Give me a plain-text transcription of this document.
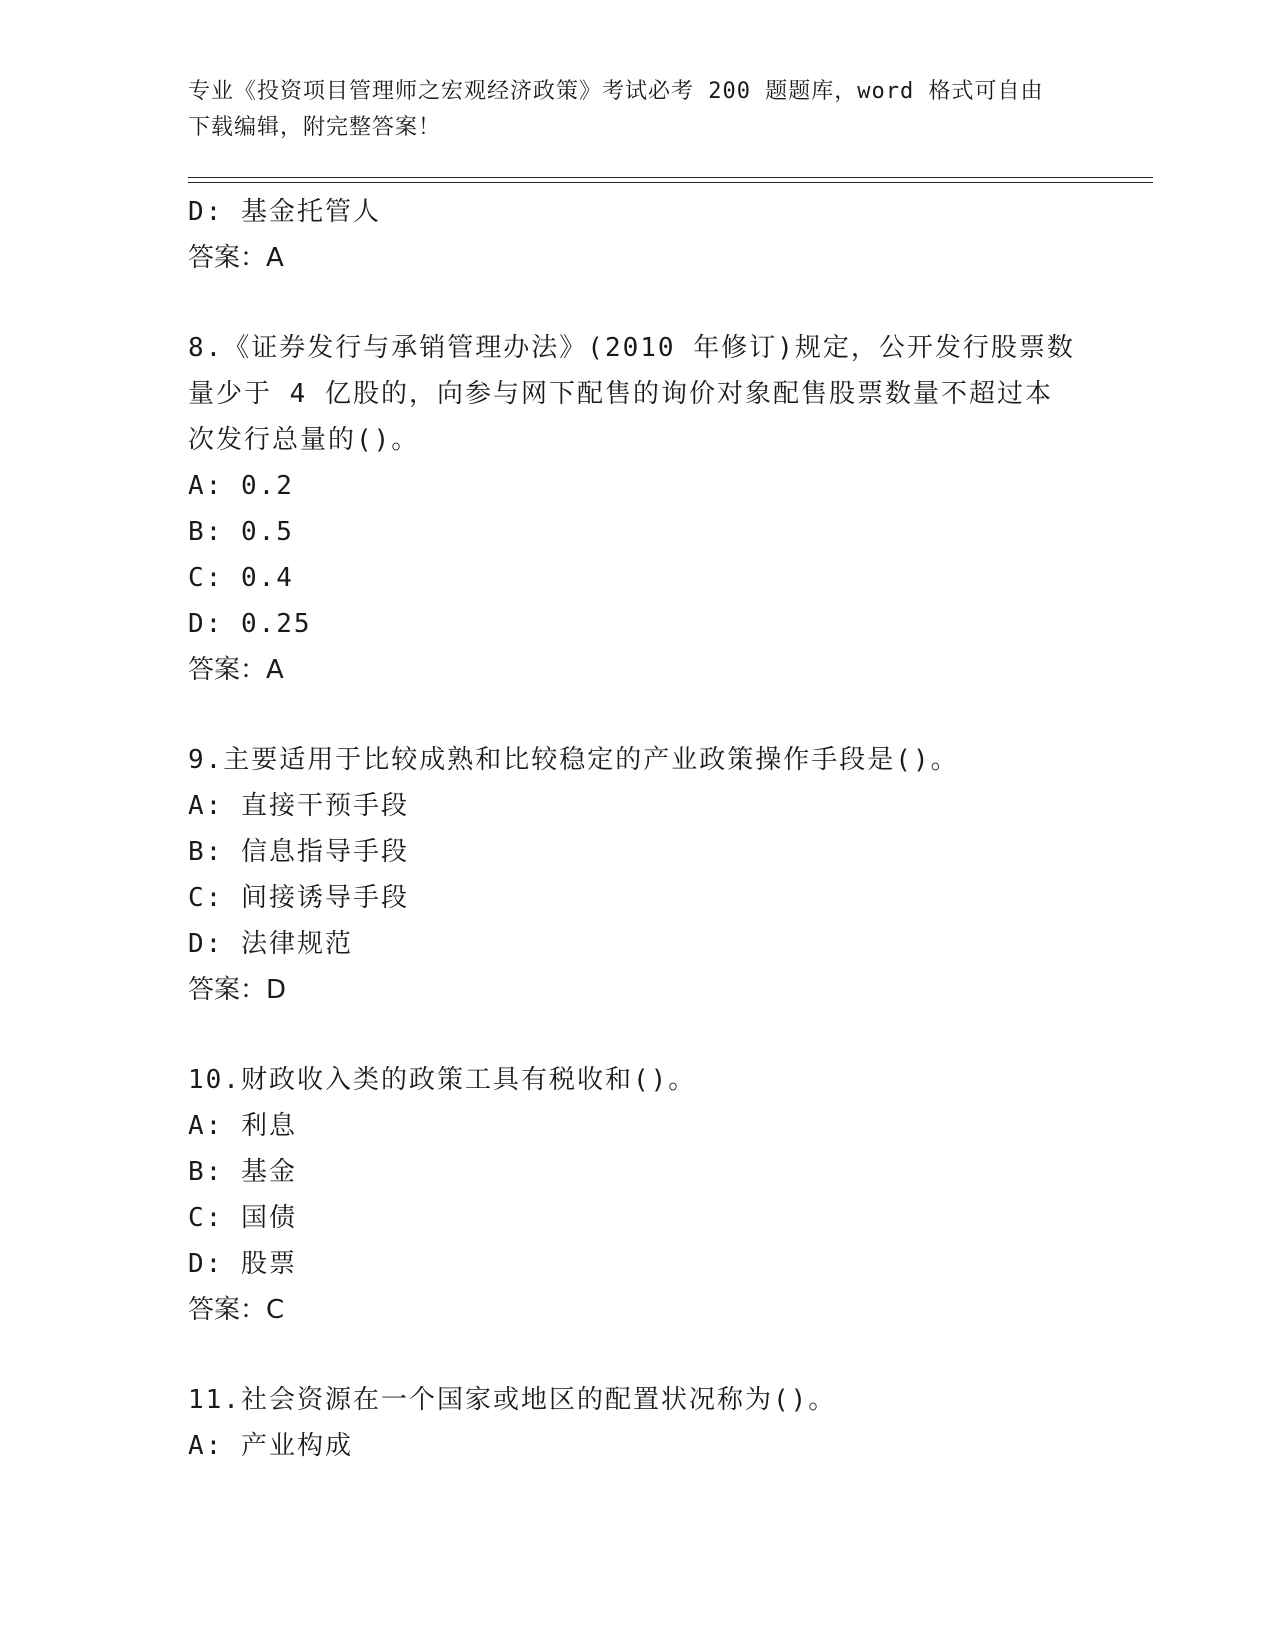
专业《投资项目管理师之宏观经济政策》考试必考 200 题题库，word 格式可自由
下载编辑，附完整答案！
D: 基金托管人
答案：A
8.《证券发行与承销管理办法》(2010 年修订)规定，公开发行股票数
量少于 4 亿股的，向参与网下配售的询价对象配售股票数量不超过本
次发行总量的()。
A: 0.2
B: 0.5
C: 0.4
D: 0.25
答案：A
9.主要适用于比较成熟和比较稳定的产业政策操作手段是()。
A: 直接干预手段
B: 信息指导手段
C: 间接诱导手段
D: 法律规范
答案：D
10.财政收入类的政策工具有税收和()。
A: 利息
B: 基金
C: 国债
D: 股票
答案：C
11.社会资源在一个国家或地区的配置状况称为()。
A: 产业构成
